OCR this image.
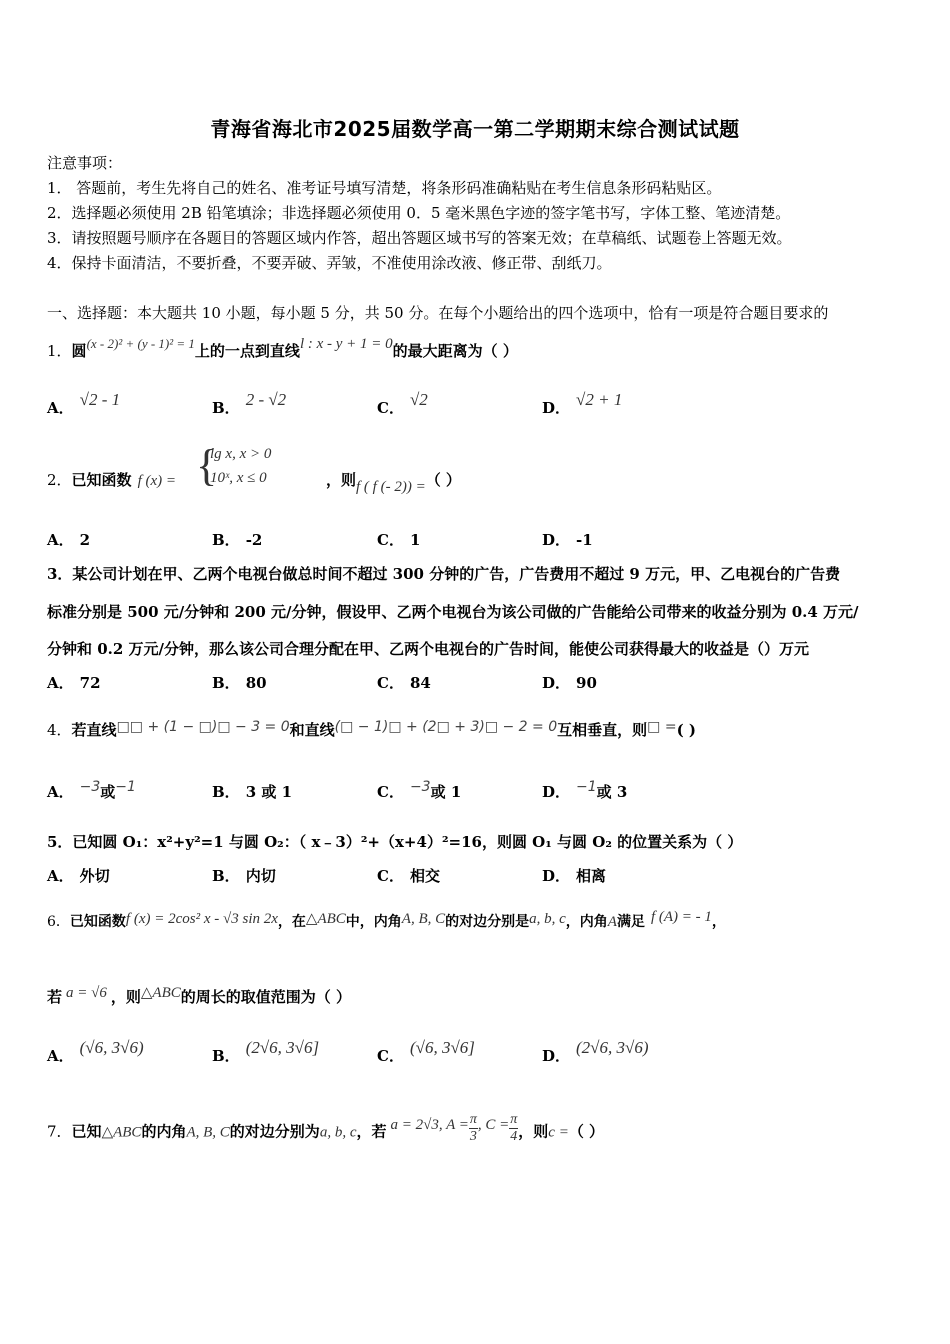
青海省海北市2025届数学高一第二学期期末综合测试试题
注意事项：
1． 答题前，考生先将自己的姓名、准考证号填写清楚，将条形码准确粘贴在考生信息条形码粘贴区。
2．选择题必须使用 2B 铅笔填涂；非选择题必须使用 0．5 毫米黑色字迹的签字笔书写，字体工整、笔迹清楚。
3．请按照题号顺序在各题目的答题区域内作答，超出答题区域书写的答案无效；在草稿纸、试题卷上答题无效。
4．保持卡面清洁，不要折叠，不要弄破、弄皱，不准使用涂改液、修正带、刮纸刀。
一、选择题：本大题共 10 小题，每小题 5 分，共 50 分。在每个小题给出的四个选项中，恰有一项是符合题目要求的
1．圆(x - 2)² + (y - 1)² = 1上的一点到直线l : x - y + 1 = 0的最大距离为（ ）
A． √2 - 1	B． 2 - √2	C． √2	D． √2 + 1
2．已知函数 f (x) =	，则f ( f (- 2)) =（ ）
{
lg x, x > 0
10ˣ, x ≤ 0
A． 2	B． -2	C． 1	D． -1
3．某公司计划在甲、乙两个电视台做总时间不超过 300 分钟的广告，广告费用不超过 9 万元，甲、乙电视台的广告费
标准分别是 500 元/分钟和 200 元/分钟，假设甲、乙两个电视台为该公司做的广告能给公司带来的收益分别为 0.4 万元/
分钟和 0.2 万元/分钟，那么该公司合理分配在甲、乙两个电视台的广告时间，能使公司获得最大的收益是（）万元
A． 72	B． 80	C． 84	D． 90
4．若直线□□ + (1 − □)□ − 3 = 0和直线(□ − 1)□ + (2□ + 3)□ − 2 = 0互相垂直，则□ =( )
A． −3或−1	B． 3 或 1	C． −3或 1	D． −1或 3
5．已知圆 O₁：x²+y²=1 与圆 O₂：（ x﹣3）²+（x+4）²=16，则圆 O₁ 与圆 O₂ 的位置关系为（ ）
A． 外切	B． 内切	C． 相交	D． 相离
6．已知函数f (x) = 2cos² x - √3 sin 2x，在△ABC中，内角A, B, C的对边分别是a, b, c，内角A满足 f (A) = - 1，
若 a = √6 ，则△ABC的周长的取值范围为（ ）
A． (√6, 3√6)	B． (2√6, 3√6]	C． (√6, 3√6]	D． (2√6, 3√6)
7．已知△ABC的内角A, B, C的对边分别为a, b, c，若 a = 2√3, $A = \frac{\pi}{3}$ , $C = \frac{\pi}{4}$ ，则c =（ ）
